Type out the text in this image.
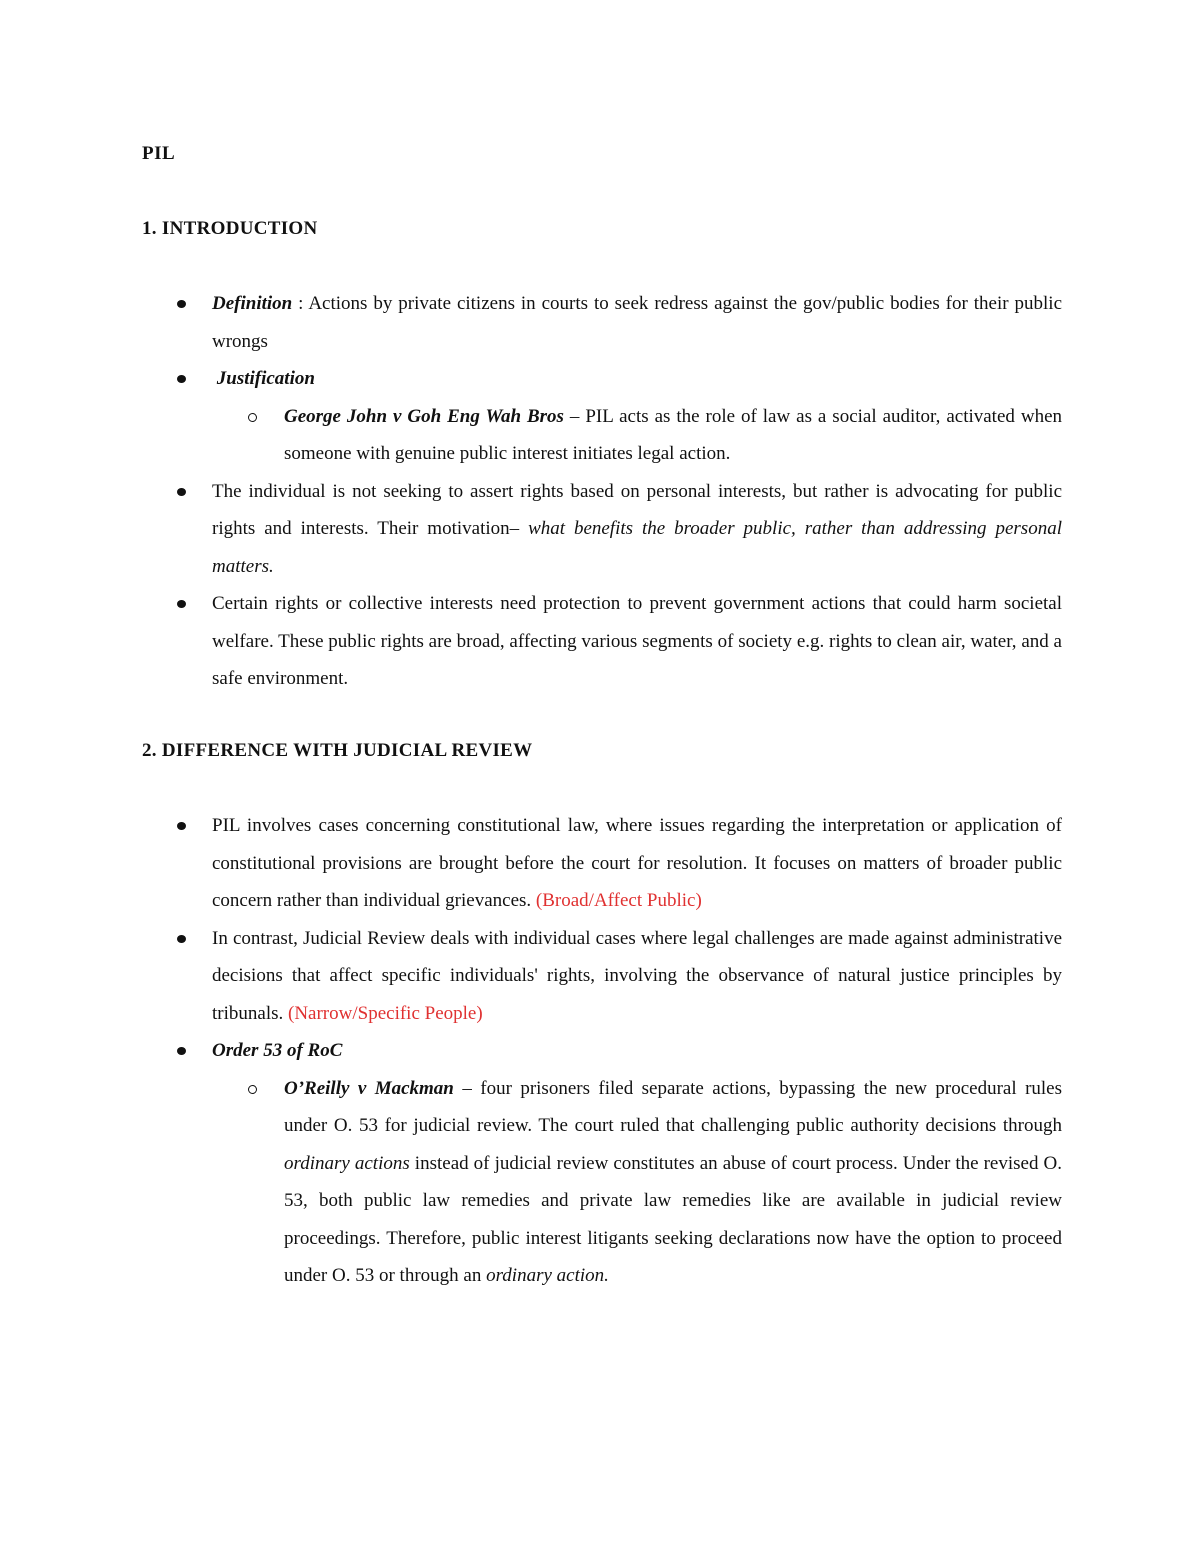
PIL
1. INTRODUCTION
Definition : Actions by private citizens in courts to seek redress against the gov/public bodies for their public wrongs
Justification
George John v Goh Eng Wah Bros – PIL acts as the role of law as a social auditor, activated when someone with genuine public interest initiates legal action.
The individual is not seeking to assert rights based on personal interests, but rather is advocating for public rights and interests. Their motivation– what benefits the broader public, rather than addressing personal matters.
Certain rights or collective interests need protection to prevent government actions that could harm societal welfare. These public rights are broad, affecting various segments of society e.g. rights to clean air, water, and a safe environment.
2. DIFFERENCE WITH JUDICIAL REVIEW
PIL involves cases concerning constitutional law, where issues regarding the interpretation or application of constitutional provisions are brought before the court for resolution. It focuses on matters of broader public concern rather than individual grievances. (Broad/Affect Public)
In contrast, Judicial Review deals with individual cases where legal challenges are made against administrative decisions that affect specific individuals' rights, involving the observance of natural justice principles by tribunals. (Narrow/Specific People)
Order 53 of RoC
O’Reilly v Mackman – four prisoners filed separate actions, bypassing the new procedural rules under O. 53 for judicial review. The court ruled that challenging public authority decisions through ordinary actions instead of judicial review constitutes an abuse of court process. Under the revised O. 53, both public law remedies and private law remedies like are available in judicial review proceedings. Therefore, public interest litigants seeking declarations now have the option to proceed under O. 53 or through an ordinary action.
